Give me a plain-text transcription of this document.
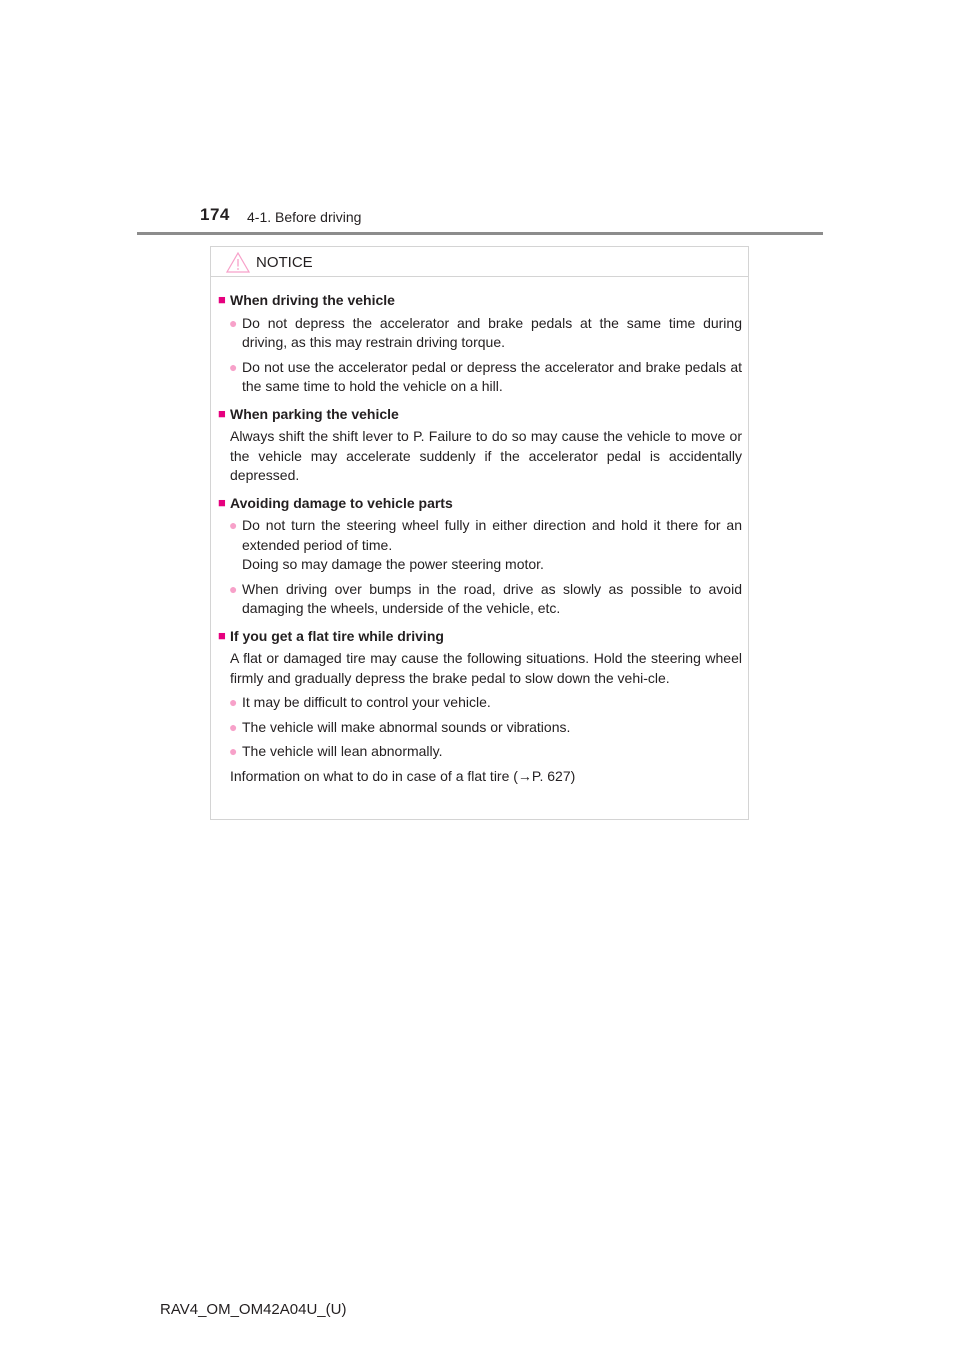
174 4-1. Before driving
NOTICE
■ When driving the vehicle
● Do not depress the accelerator and brake pedals at the same time during driving, as this may restrain driving torque.
● Do not use the accelerator pedal or depress the accelerator and brake pedals at the same time to hold the vehicle on a hill.
■ When parking the vehicle
Always shift the shift lever to P. Failure to do so may cause the vehicle to move or the vehicle may accelerate suddenly if the accelerator pedal is accidentally depressed.
■ Avoiding damage to vehicle parts
● Do not turn the steering wheel fully in either direction and hold it there for an extended period of time.
Doing so may damage the power steering motor.
● When driving over bumps in the road, drive as slowly as possible to avoid damaging the wheels, underside of the vehicle, etc.
■ If you get a flat tire while driving
A flat or damaged tire may cause the following situations. Hold the steering wheel firmly and gradually depress the brake pedal to slow down the vehi-cle.
● It may be difficult to control your vehicle.
● The vehicle will make abnormal sounds or vibrations.
● The vehicle will lean abnormally.
Information on what to do in case of a flat tire (→P. 627)
RAV4_OM_OM42A04U_(U)
